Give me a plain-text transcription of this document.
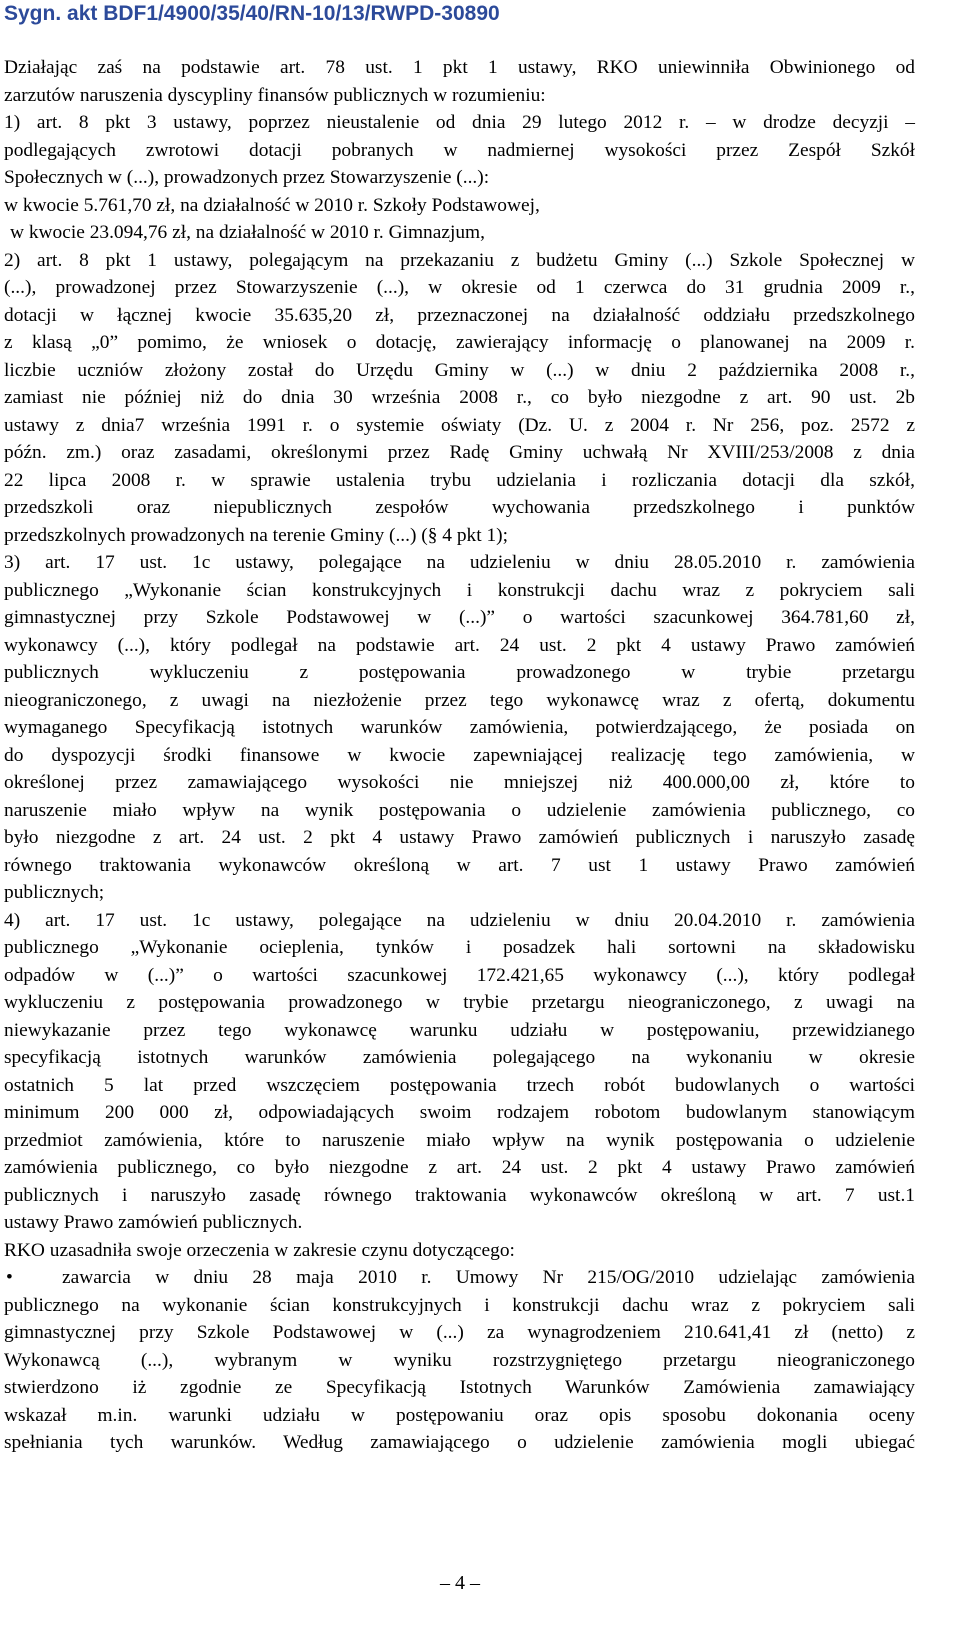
Sygn. akt BDF1/4900/35/40/RN-10/13/RWPD-30890
Działając zaś na podstawie art. 78 ust. 1 pkt 1 ustawy, RKO uniewinniła Obwinionego od
zarzutów naruszenia dyscypliny finansów publicznych w rozumieniu:
1) art. 8 pkt 3 ustawy, poprzez nieustalenie od dnia 29 lutego 2012 r. – w drodze decyzji –
podlegających zwrotowi dotacji pobranych w nadmiernej wysokości przez Zespół Szkół
Społecznych w (...), prowadzonych przez Stowarzyszenie (...):
w kwocie 5.761,70 zł, na działalność w 2010 r. Szkoły Podstawowej,
w kwocie 23.094,76 zł, na działalność w 2010 r. Gimnazjum,
2) art. 8 pkt 1 ustawy, polegającym na przekazaniu z budżetu Gminy (...) Szkole Społecznej w
(...), prowadzonej przez Stowarzyszenie (...), w okresie od 1 czerwca do 31 grudnia 2009 r.,
dotacji w łącznej kwocie 35.635,20 zł, przeznaczonej na działalność oddziału przedszkolnego
z klasą „0” pomimo, że wniosek o dotację, zawierający informację o planowanej na 2009 r.
liczbie uczniów złożony został do Urzędu Gminy w (...) w dniu 2 października 2008 r.,
zamiast nie później niż do dnia 30 września 2008 r., co było niezgodne z art. 90 ust. 2b
ustawy z dnia7 września 1991 r. o systemie oświaty (Dz. U. z 2004 r. Nr 256, poz. 2572 z
późn. zm.) oraz zasadami, określonymi przez Radę Gminy uchwałą Nr XVIII/253/2008 z dnia
22 lipca 2008 r. w sprawie ustalenia trybu udzielania i rozliczania dotacji dla szkół,
przedszkoli oraz niepublicznych zespołów wychowania przedszkolnego i punktów
przedszkolnych prowadzonych na terenie Gminy (...) (§ 4 pkt 1);
3) art. 17 ust. 1c ustawy, polegające na udzieleniu w dniu 28.05.2010 r. zamówienia
publicznego „Wykonanie ścian konstrukcyjnych i konstrukcji dachu wraz z pokryciem sali
gimnastycznej przy Szkole Podstawowej w (...)” o wartości szacunkowej 364.781,60 zł,
wykonawcy (...), który podlegał na podstawie art. 24 ust. 2 pkt 4 ustawy Prawo zamówień
publicznych wykluczeniu z postępowania prowadzonego w trybie przetargu
nieograniczonego, z uwagi na niezłożenie przez tego wykonawcę wraz z ofertą, dokumentu
wymaganego Specyfikacją istotnych warunków zamówienia, potwierdzającego, że posiada on
do dyspozycji środki finansowe w kwocie zapewniającej realizację tego zamówienia, w
określonej przez zamawiającego wysokości nie mniejszej niż 400.000,00 zł, które to
naruszenie miało wpływ na wynik postępowania o udzielenie zamówienia publicznego, co
było niezgodne z art. 24 ust. 2 pkt 4 ustawy Prawo zamówień publicznych i naruszyło zasadę
równego traktowania wykonawców określoną w art. 7 ust 1 ustawy Prawo zamówień
publicznych;
4) art. 17 ust. 1c ustawy, polegające na udzieleniu w dniu 20.04.2010 r. zamówienia
publicznego „Wykonanie ocieplenia, tynków i posadzek hali sortowni na składowisku
odpadów w (...)” o wartości szacunkowej 172.421,65 wykonawcy (...), który podlegał
wykluczeniu z postępowania prowadzonego w trybie przetargu nieograniczonego, z uwagi na
niewykazanie przez tego wykonawcę warunku udziału w postępowaniu, przewidzianego
specyfikacją istotnych warunków zamówienia polegającego na wykonaniu w okresie
ostatnich 5 lat przed wszczęciem postępowania trzech robót budowlanych o wartości
minimum 200 000 zł, odpowiadających swoim rodzajem robotom budowlanym stanowiącym
przedmiot zamówienia, które to naruszenie miało wpływ na wynik postępowania o udzielenie
zamówienia publicznego, co było niezgodne z art. 24 ust. 2 pkt 4 ustawy Prawo zamówień
publicznych i naruszyło zasadę równego traktowania wykonawców określoną w art. 7 ust.1
ustawy Prawo zamówień publicznych.
RKO uzasadniła swoje orzeczenia w zakresie czynu dotyczącego:
•	zawarcia w dniu 28 maja 2010 r. Umowy Nr 215/OG/2010 udzielając zamówienia
publicznego na wykonanie ścian konstrukcyjnych i konstrukcji dachu wraz z pokryciem sali
gimnastycznej przy Szkole Podstawowej w (...) za wynagrodzeniem 210.641,41 zł (netto) z
Wykonawcą (...), wybranym w wyniku rozstrzygniętego przetargu nieograniczonego
stwierdzono iż zgodnie ze Specyfikacją Istotnych Warunków Zamówienia zamawiający
wskazał m.in. warunki udziału w postępowaniu oraz opis sposobu dokonania oceny
spełniania tych warunków. Według zamawiającego o udzielenie zamówienia mogli ubiegać
– 4 –
